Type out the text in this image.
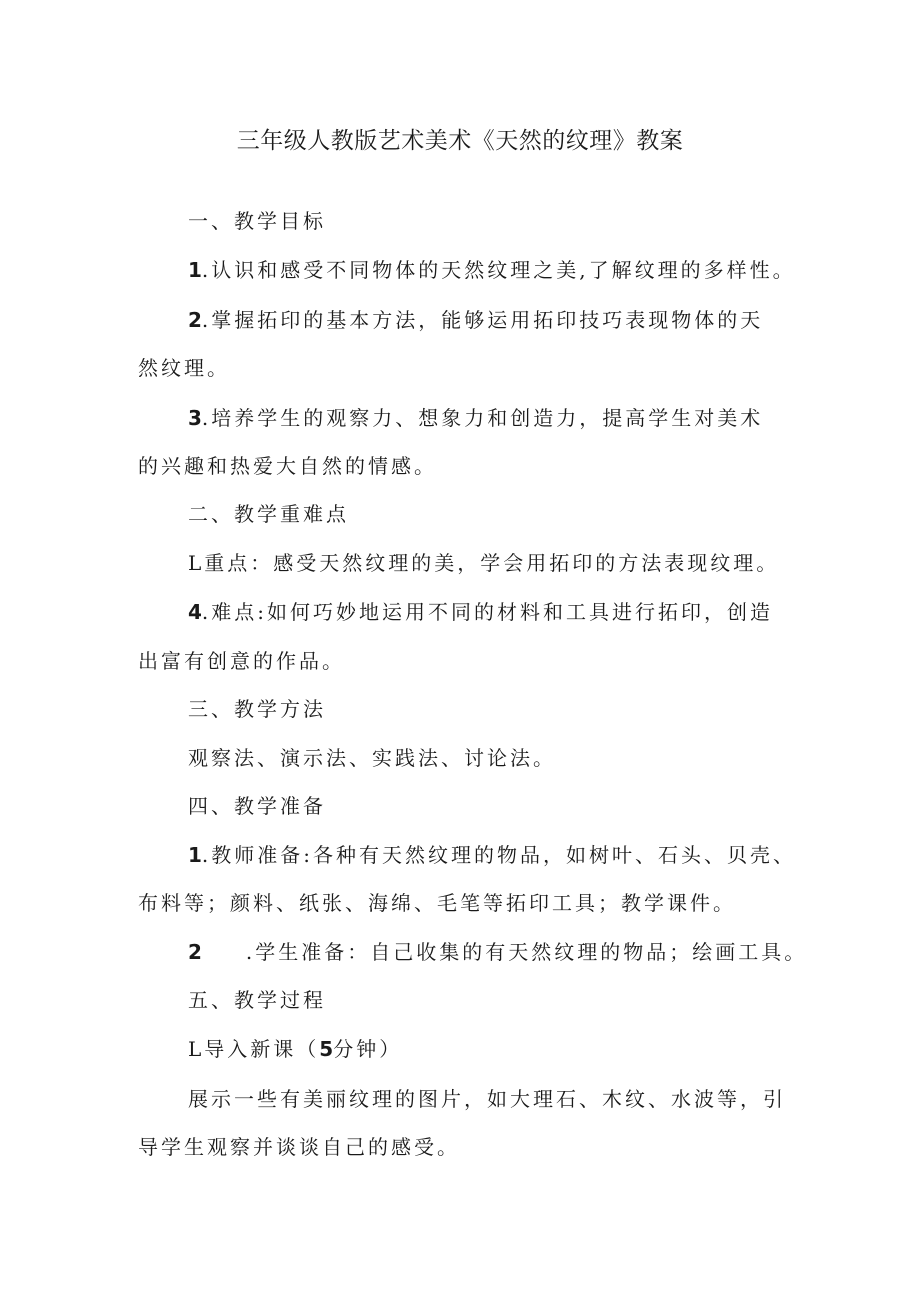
三年级人教版艺术美术《天然的纹理》教案
一、教学目标
1.认识和感受不同物体的天然纹理之美,了解纹理的多样性。
2.掌握拓印的基本方法，能够运用拓印技巧表现物体的天
然纹理。
3.培养学生的观察力、想象力和创造力，提高学生对美术
的兴趣和热爱大自然的情感。
二、教学重难点
L重点：感受天然纹理的美，学会用拓印的方法表现纹理。
4.难点:如何巧妙地运用不同的材料和工具进行拓印，创造
出富有创意的作品。
三、教学方法
观察法、演示法、实践法、讨论法。
四、教学准备
1.教师准备:各种有天然纹理的物品，如树叶、石头、贝壳、
布料等；颜料、纸张、海绵、毛笔等拓印工具；教学课件。
2 .学生准备：自己收集的有天然纹理的物品；绘画工具。
五、教学过程
L导入新课（5分钟）
展示一些有美丽纹理的图片，如大理石、木纹、水波等，引
导学生观察并谈谈自己的感受。
